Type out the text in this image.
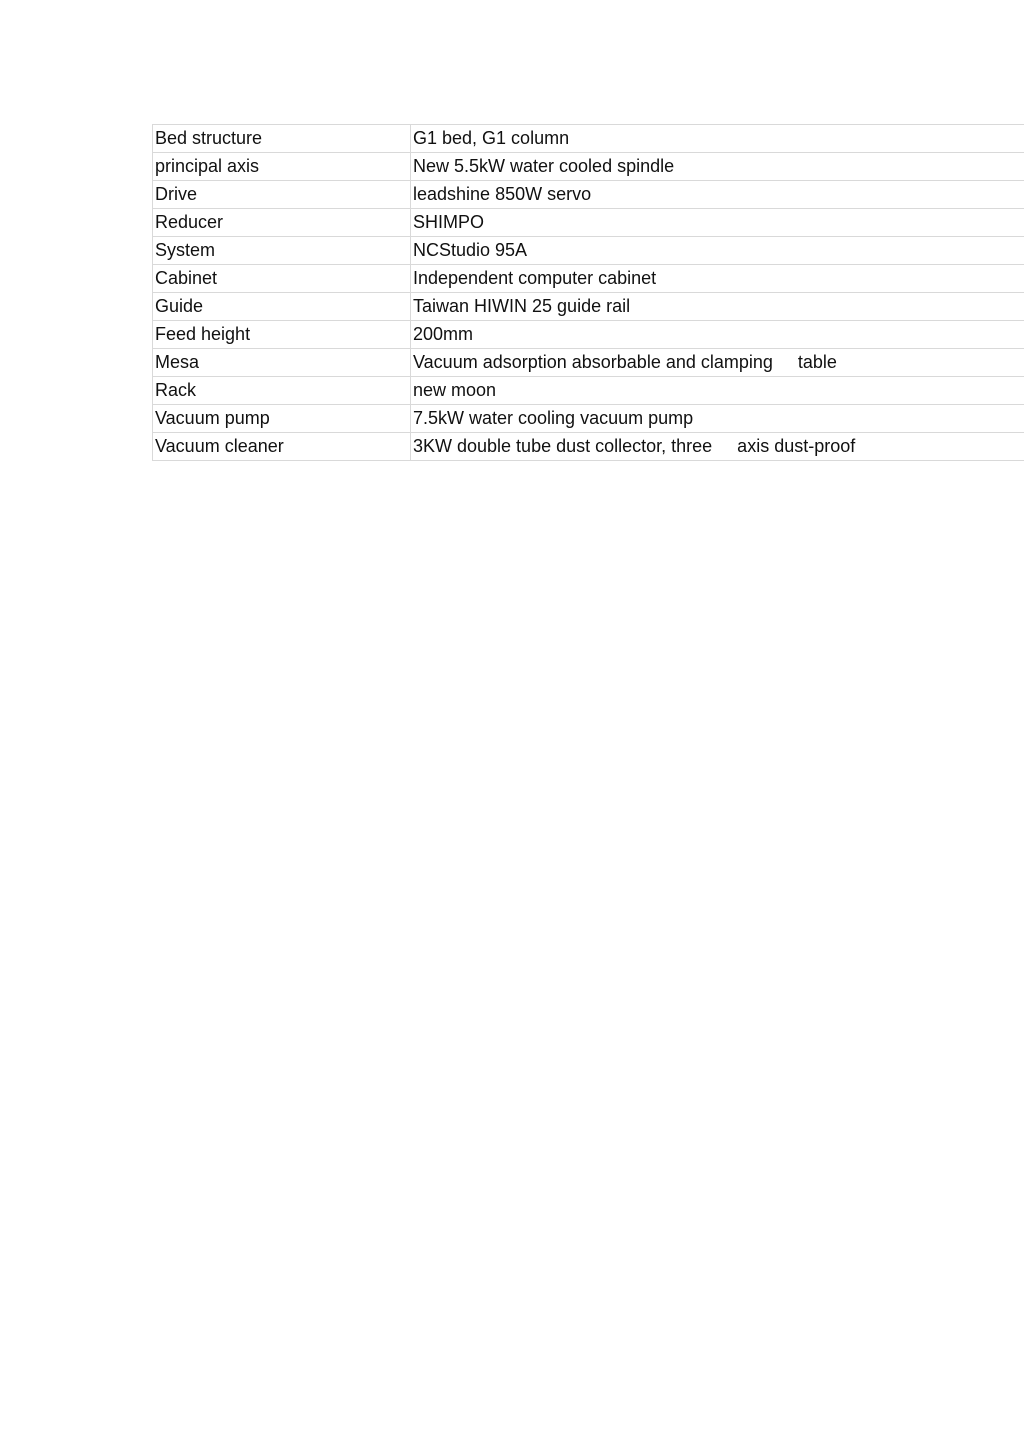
Bed structure	G1 bed, G1 column
principal axis	New 5.5kW water cooled spindle
Drive	leadshine 850W servo
Reducer	SHIMPO
System	NCStudio 95A
Cabinet	Independent computer cabinet
Guide	Taiwan HIWIN 25 guide rail
Feed height	200mm
Mesa	Vacuum adsorption absorbable and clamping     table
Rack	new moon
Vacuum pump	7.5kW water cooling vacuum pump
Vacuum cleaner	3KW double tube dust collector, three     axis dust-proof
